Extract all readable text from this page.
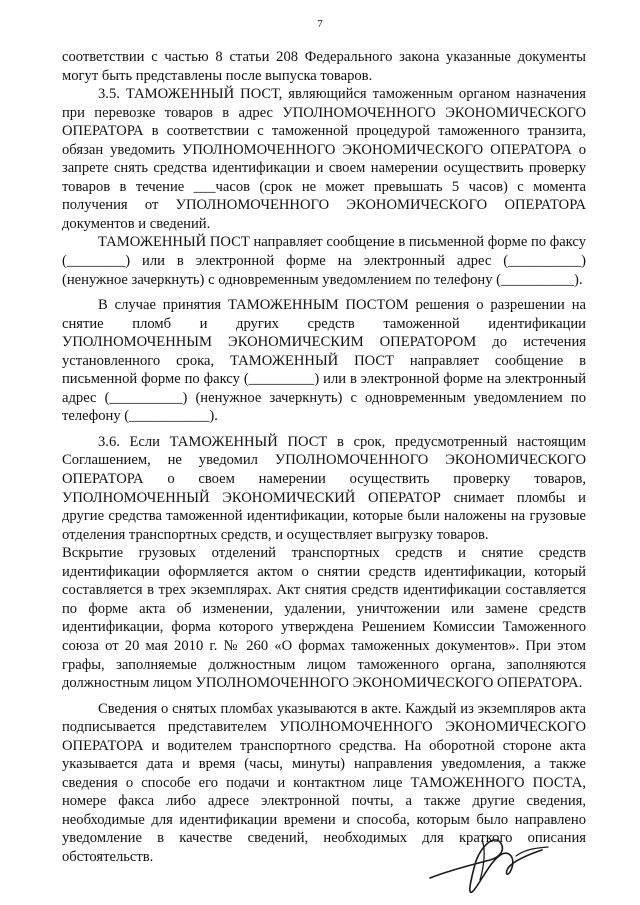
7

соответствии с частью 8 статьи 208 Федерального закона указанные документы могут быть представлены после выпуска товаров.

3.5. ТАМОЖЕННЫЙ ПОСТ, являющийся таможенным органом назначения при перевозке товаров в адрес УПОЛНОМОЧЕННОГО ЭКОНОМИЧЕСКОГО ОПЕРАТОРА в соответствии с таможенной процедурой таможенного транзита, обязан уведомить УПОЛНОМОЧЕННОГО ЭКОНОМИЧЕСКОГО ОПЕРАТОРА о запрете снять средства идентификации и своем намерении осуществить проверку товаров в течение ___часов (срок не может превышать 5 часов) с момента получения от УПОЛНОМОЧЕННОГО ЭКОНОМИЧЕСКОГО ОПЕРАТОРА документов и сведений.

ТАМОЖЕННЫЙ ПОСТ направляет сообщение в письменной форме по факсу (________) или в электронной форме на электронный адрес (__________) (ненужное зачеркнуть) с одновременным уведомлением по телефону (__________).

В случае принятия ТАМОЖЕННЫМ ПОСТОМ решения о разрешении на снятие пломб и других средств таможенной идентификации УПОЛНОМОЧЕННЫМ ЭКОНОМИЧЕСКИМ ОПЕРАТОРОМ до истечения установленного срока, ТАМОЖЕННЫЙ ПОСТ направляет сообщение в письменной форме по факсу (_________) или в электронной форме на электронный адрес (__________) (ненужное зачеркнуть) с одновременным уведомлением по телефону (___________).

3.6. Если ТАМОЖЕННЫЙ ПОСТ в срок, предусмотренный настоящим Соглашением, не уведомил УПОЛНОМОЧЕННОГО ЭКОНОМИЧЕСКОГО ОПЕРАТОРА о своем намерении осуществить проверку товаров, УПОЛНОМОЧЕННЫЙ ЭКОНОМИЧЕСКИЙ ОПЕРАТОР снимает пломбы и другие средства таможенной идентификации, которые были наложены на грузовые отделения транспортных средств, и осуществляет выгрузку товаров.

Вскрытие грузовых отделений транспортных средств и снятие средств идентификации оформляется актом о снятии средств идентификации, который составляется в трех экземплярах. Акт снятия средств идентификации составляется по форме акта об изменении, удалении, уничтожении или замене средств идентификации, форма которого утверждена Решением Комиссии Таможенного союза от 20 мая 2010 г. № 260 «О формах таможенных документов». При этом графы, заполняемые должностным лицом таможенного органа, заполняются должностным лицом УПОЛНОМОЧЕННОГО ЭКОНОМИЧЕСКОГО ОПЕРАТОРА.

Сведения о снятых пломбах указываются в акте. Каждый из экземпляров акта подписывается представителем УПОЛНОМОЧЕННОГО ЭКОНОМИЧЕСКОГО ОПЕРАТОРА и водителем транспортного средства. На оборотной стороне акта указывается дата и время (часы, минуты) направления уведомления, а также сведения о способе его подачи и контактном лице ТАМОЖЕННОГО ПОСТА, номере факса либо адресе электронной почты, а также другие сведения, необходимые для идентификации времени и способа, которым было направлено уведомление в качестве сведений, необходимых для краткого описания обстоятельств.
